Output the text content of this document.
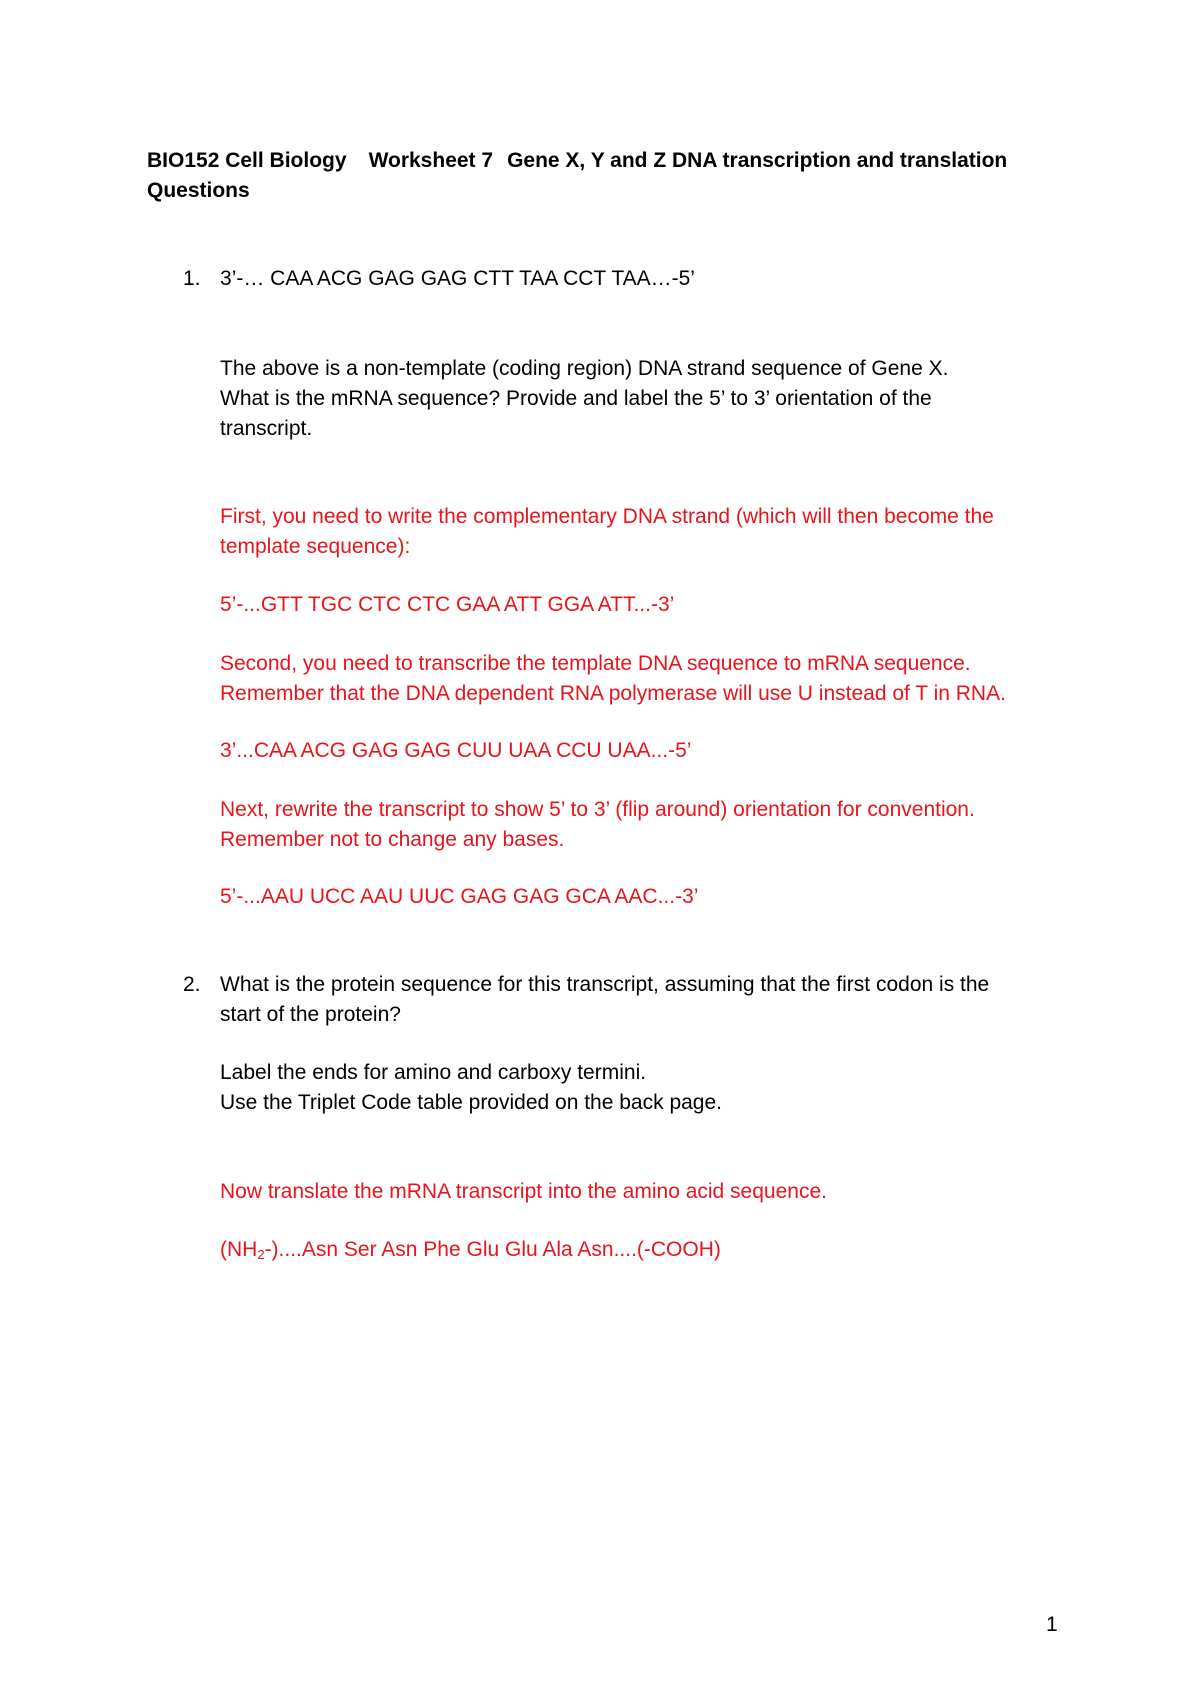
BIO152 Cell Biology Worksheet 7 Gene X, Y and Z DNA transcription and translation
Questions
1. 3’-… CAA ACG GAG GAG CTT TAA CCT TAA…-5’
The above is a non-template (coding region) DNA strand sequence of Gene X.
What is the mRNA sequence? Provide and label the 5’ to 3’ orientation of the
transcript.
First, you need to write the complementary DNA strand (which will then become the
template sequence):
5’-...GTT TGC CTC CTC GAA ATT GGA ATT...-3’
Second, you need to transcribe the template DNA sequence to mRNA sequence.
Remember that the DNA dependent RNA polymerase will use U instead of T in RNA.
3’...CAA ACG GAG GAG CUU UAA CCU UAA...-5’
Next, rewrite the transcript to show 5’ to 3’ (flip around) orientation for convention.
Remember not to change any bases.
5’-...AAU UCC AAU UUC GAG GAG GCA AAC...-3’
2. What is the protein sequence for this transcript, assuming that the first codon is the
start of the protein?
Label the ends for amino and carboxy termini.
Use the Triplet Code table provided on the back page.
Now translate the mRNA transcript into the amino acid sequence.
$(NH_2-)....Asn$ Ser Asn Phe Glu Glu Ala Asn....(-COOH)
1
